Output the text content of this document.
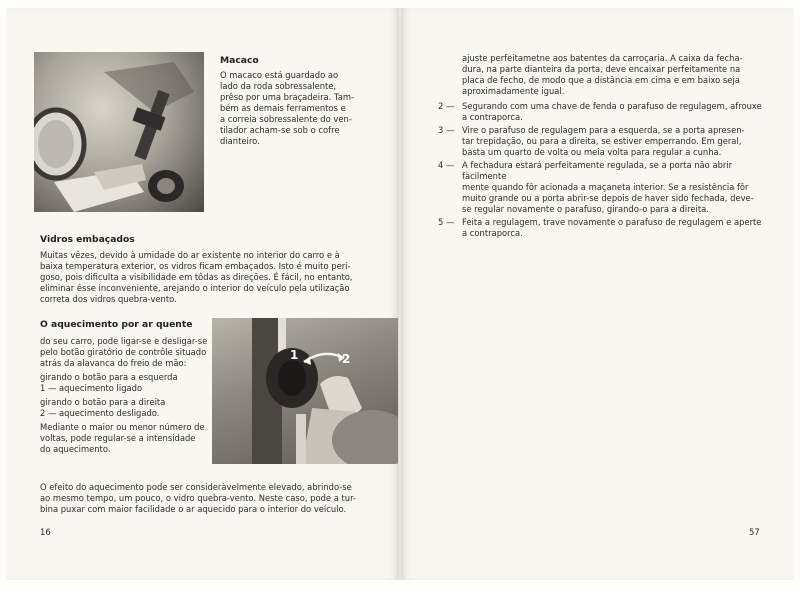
Macaco

O macaco está guardado ao

lado da roda sobressalente,

prêso por uma braçadeira. Tam-

bém as demais ferramentos e

a correia sobressalente do ven-

tilador acham-se sob o cofre

dianteiro.

Vidros embaçados

Muitas vêzes, devido à umidade do ar existente no interior do carro e à

baixa temperatura exterior, os vidros ficam embaçados. Isto é muito peri-

goso, pois dificulta a visibilidade em tôdas as direções. É fácil, no entanto,

eliminar êsse inconveniente, arejando o interior do veículo pela utilização

correta dos vidros quebra-vento.

O aquecimento por ar quente

do seu carro, pode ligar-se e desligar-se

pelo botão giratório de contrôle situado

atrás da alavanca do freio de mão:

girando o botão para a esquerda

1 — aquecimento ligado

girando o botão para a direita

2 — aquecimento desligado.

Mediante o maior ou menor número de

voltas, pode regular-se a intensidade

do aquecimento.

1	2

O efeito do aquecimento pode ser consideràvelmente elevado, abrindo-se

ao mesmo tempo, um pouco, o vidro quebra-vento. Neste caso, pode a tur-

bina puxar com maior facilidade o ar aquecido para o interior do veículo.

16

ajuste perfeitametne aos batentes da carroçaria. A caixa da fecha-

dura, na parte dianteira da porta, deve encaixar perfeitamente na

placa de fecho, de modo que a distância em cima e em baixo seja

aproximadamente igual.

2 — Segurando com uma chave de fenda o parafuso de regulagem, afrouxe

a contraporca.

3 — Vire o parafuso de regulagem para a esquerda, se a porta apresen-

tar trepidação, ou para a direita, se estiver emperrando. Em geral,

basta um quarto de volta ou meia volta para regular a cunha.

4 — A fechadura estará perfeitamente regulada, se a porta não abrir fàcilmente

mente quando fôr acionada a maçaneta interior. Se a resistência fôr

muito grande ou a porta abrir-se depois de haver sido fechada, deve-

se regular novamente o parafuso, girando-o para a direita.

5 — Feita a regulagem, trave novamente o parafuso de regulagem e aperte

a contraporca.

57
